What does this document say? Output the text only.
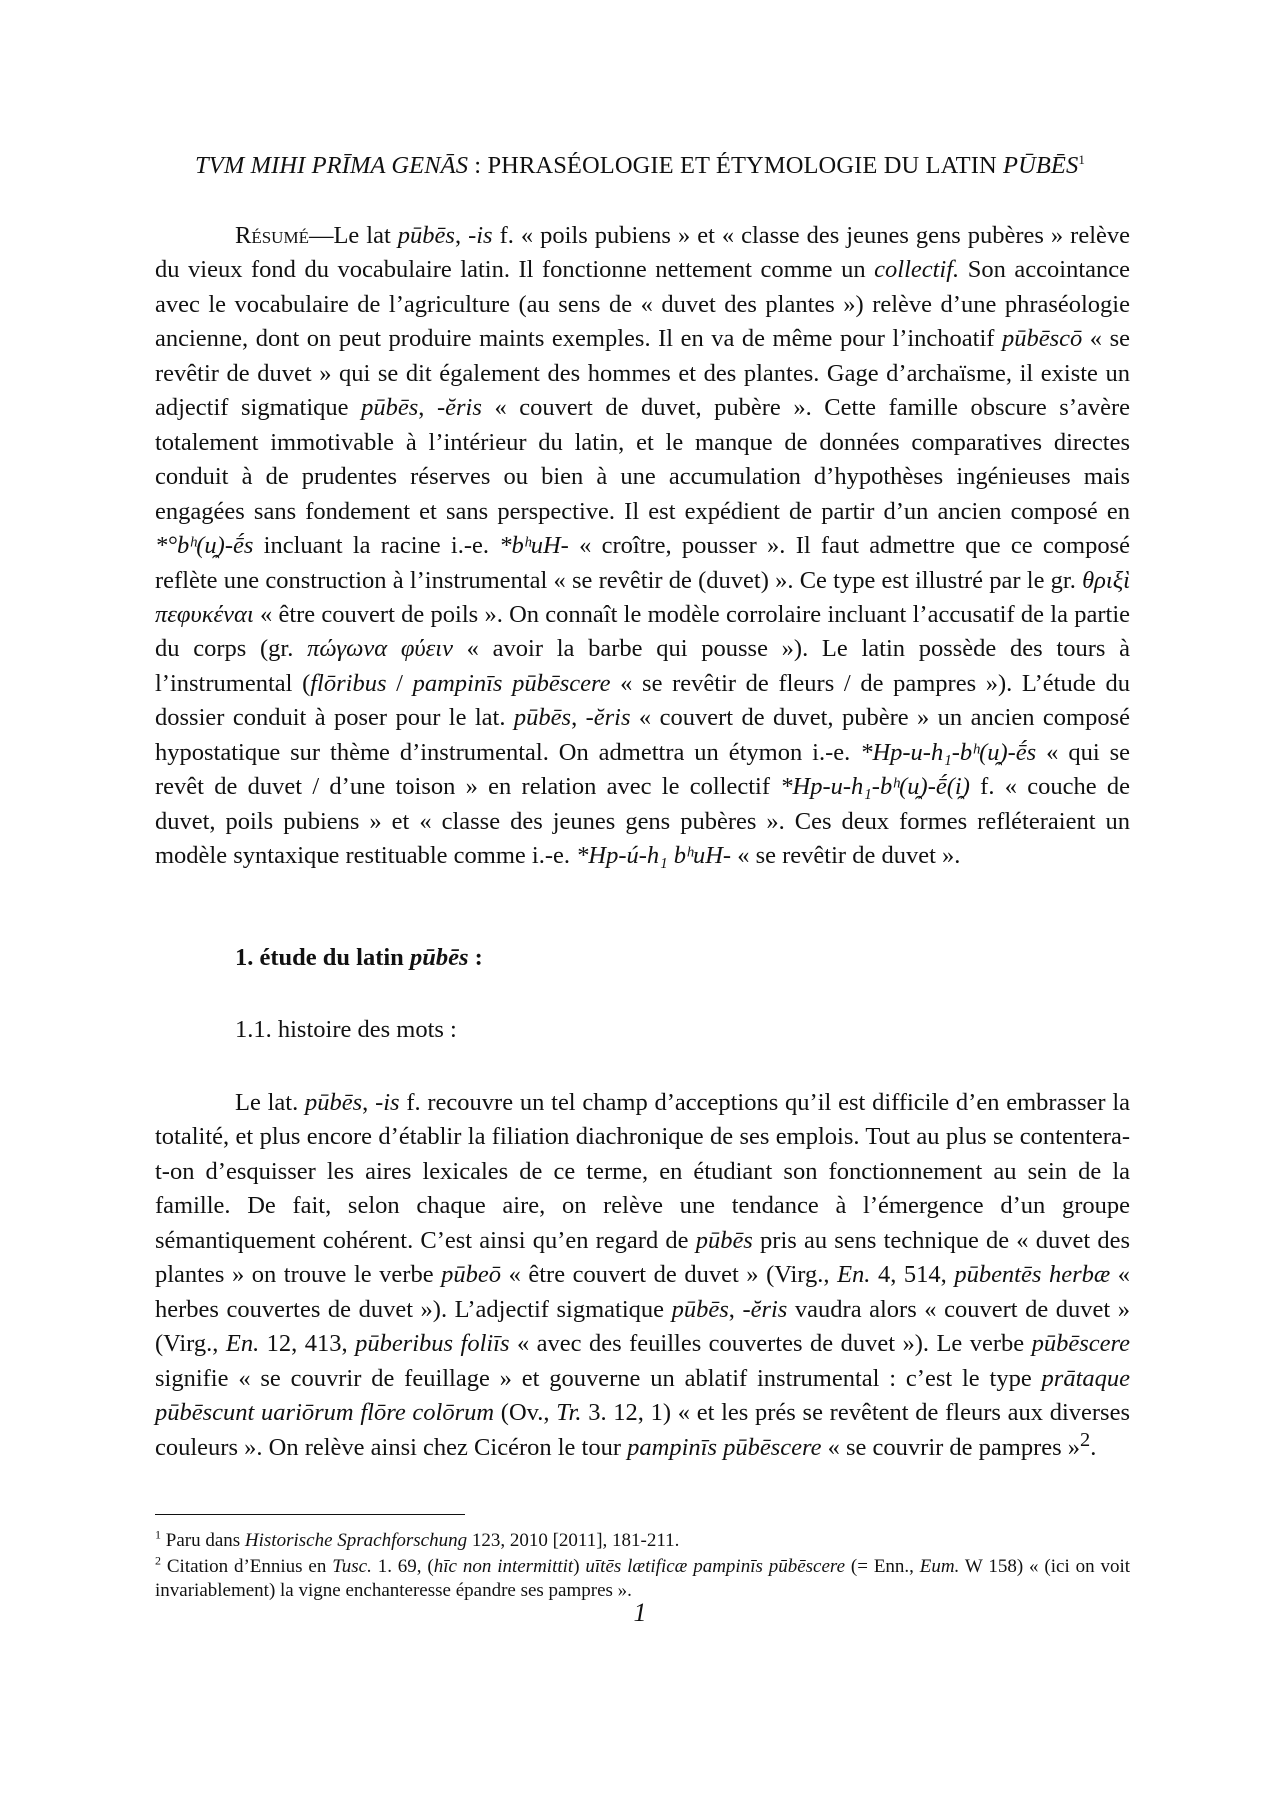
TVM MIHI PRĪMA GENĀS : PHRASÉOLOGIE ET ÉTYMOLOGIE DU LATIN PŪBĒS$^1$
Résumé—Le lat pūbēs, -is f. « poils pubiens » et « classe des jeunes gens pubères » relève du vieux fond du vocabulaire latin. Il fonctionne nettement comme un collectif. Son accointance avec le vocabulaire de l’agriculture (au sens de « duvet des plantes ») relève d’une phraséologie ancienne, dont on peut produire maints exemples. Il en va de même pour l’inchoatif pūbēscō « se revêtir de duvet » qui se dit également des hommes et des plantes. Gage d’archaïsme, il existe un adjectif sigmatique pūbēs, -ĕris « couvert de duvet, pubère ». Cette famille obscure s’avère totalement immotivable à l’intérieur du latin, et le manque de données comparatives directes conduit à de prudentes réserves ou bien à une accumulation d’hypothèses ingénieuses mais engagées sans fondement et sans perspective. Il est expédient de partir d’un ancien composé en *°bʰ(u̯)-ḗs incluant la racine i.-e. *bʰuH- « croître, pousser ». Il faut admettre que ce composé reflète une construction à l’instrumental « se revêtir de (duvet) ». Ce type est illustré par le gr. θριξὶ πεφυκέναι « être couvert de poils ». On connaît le modèle corrolaire incluant l’accusatif de la partie du corps (gr. πώγωνα φύειν « avoir la barbe qui pousse »). Le latin possède des tours à l’instrumental (flōribus / pampinīs pūbēscere « se revêtir de fleurs / de pampres »). L’étude du dossier conduit à poser pour le lat. pūbēs, -ĕris « couvert de duvet, pubère » un ancien composé hypostatique sur thème d’instrumental. On admettra un étymon i.-e. *Hp-u-h₁-bʰ(u̯)-ḗs « qui se revêt de duvet / d’une toison » en relation avec le collectif *Hp-u-h₁-bʰ(u̯)-ḗ(i̯) f. « couche de duvet, poils pubiens » et « classe des jeunes gens pubères ». Ces deux formes refléteraient un modèle syntaxique restituable comme i.-e. *Hp-ú-h₁ bʰuH- « se revêtir de duvet ».
1. étude du latin pūbēs :
1.1. histoire des mots :
Le lat. pūbēs, -is f. recouvre un tel champ d’acceptions qu’il est difficile d’en embrasser la totalité, et plus encore d’établir la filiation diachronique de ses emplois. Tout au plus se contentera-t-on d’esquisser les aires lexicales de ce terme, en étudiant son fonctionnement au sein de la famille. De fait, selon chaque aire, on relève une tendance à l’émergence d’un groupe sémantiquement cohérent. C’est ainsi qu’en regard de pūbēs pris au sens technique de « duvet des plantes » on trouve le verbe pūbeō « être couvert de duvet » (Virg., En. 4, 514, pūbentēs herbæ « herbes couvertes de duvet »). L’adjectif sigmatique pūbēs, -ĕris vaudra alors « couvert de duvet » (Virg., En. 12, 413, pūberibus foliīs « avec des feuilles couvertes de duvet »). Le verbe pūbēscere signifie « se couvrir de feuillage » et gouverne un ablatif instrumental : c’est le type prātaque pūbēscunt uariōrum flōre colōrum (Ov., Tr. 3. 12, 1) « et les prés se revêtent de fleurs aux diverses couleurs ». On relève ainsi chez Cicéron le tour pampinīs pūbēscere « se couvrir de pampres »$^2$.
$^1$ Paru dans Historische Sprachforschung 123, 2010 [2011], 181-211.
$^2$ Citation d’Ennius en Tusc. 1. 69, (hīc non intermittit) uītēs lætificæ pampinīs pūbēscere (= Enn., Eum. W 158) « (ici on voit invariablement) la vigne enchanteresse épandre ses pampres ».
1
